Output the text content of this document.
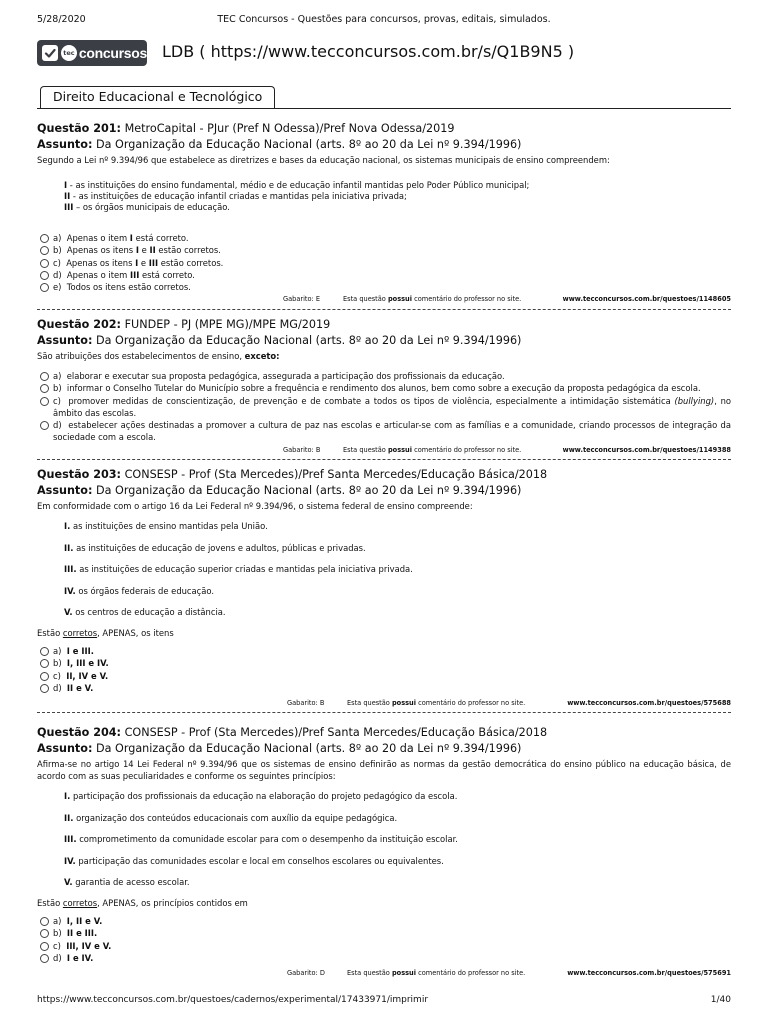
5/28/2020	TEC Concursos - Questões para concursos, provas, editais, simulados.
tec concursos LDB ( https://www.tecconcursos.com.br/s/Q1B9N5 )
Direito Educacional e Tecnológico
Questão 201: MetroCapital - PJur (Pref N Odessa)/Pref Nova Odessa/2019
Assunto: Da Organização da Educação Nacional (arts. 8º ao 20 da Lei nº 9.394/1996)
Segundo a Lei nº 9.394/96 que estabelece as diretrizes e bases da educação nacional, os sistemas municipais de ensino compreendem:
I - as instituições do ensino fundamental, médio e de educação infantil mantidas pelo Poder Público municipal;
II - as instituições de educação infantil criadas e mantidas pela iniciativa privada;
III – os órgãos municipais de educação.
a) Apenas o item I está correto.
b) Apenas os itens I e II estão corretos.
c) Apenas os itens I e III estão corretos.
d) Apenas o item III está correto.
e) Todos os itens estão corretos.
Gabarito: E	Esta questão possui comentário do professor no site.	www.tecconcursos.com.br/questoes/1148605
Questão 202: FUNDEP - PJ (MPE MG)/MPE MG/2019
Assunto: Da Organização da Educação Nacional (arts. 8º ao 20 da Lei nº 9.394/1996)
São atribuições dos estabelecimentos de ensino, exceto:
a) elaborar e executar sua proposta pedagógica, assegurada a participação dos profissionais da educação.
b) informar o Conselho Tutelar do Município sobre a frequência e rendimento dos alunos, bem como sobre a execução da proposta pedagógica da escola.
c) promover medidas de conscientização, de prevenção e de combate a todos os tipos de violência, especialmente a intimidação sistemática (bullying), no âmbito das escolas.
d) estabelecer ações destinadas a promover a cultura de paz nas escolas e articular-se com as famílias e a comunidade, criando processos de integração da sociedade com a escola.
Gabarito: B	Esta questão possui comentário do professor no site.	www.tecconcursos.com.br/questoes/1149388
Questão 203: CONSESP - Prof (Sta Mercedes)/Pref Santa Mercedes/Educação Básica/2018
Assunto: Da Organização da Educação Nacional (arts. 8º ao 20 da Lei nº 9.394/1996)
Em conformidade com o artigo 16 da Lei Federal nº 9.394/96, o sistema federal de ensino compreende:
I. as instituições de ensino mantidas pela União.
II. as instituições de educação de jovens e adultos, públicas e privadas.
III. as instituições de educação superior criadas e mantidas pela iniciativa privada.
IV. os órgãos federais de educação.
V. os centros de educação a distância.
Estão corretos, APENAS, os itens
a) I e III.
b) I, III e IV.
c) II, IV e V.
d) II e V.
Gabarito: B	Esta questão possui comentário do professor no site.	www.tecconcursos.com.br/questoes/575688
Questão 204: CONSESP - Prof (Sta Mercedes)/Pref Santa Mercedes/Educação Básica/2018
Assunto: Da Organização da Educação Nacional (arts. 8º ao 20 da Lei nº 9.394/1996)
Afirma-se no artigo 14 Lei Federal nº 9.394/96 que os sistemas de ensino definirão as normas da gestão democrática do ensino público na educação básica, de acordo com as suas peculiaridades e conforme os seguintes princípios:
I. participação dos profissionais da educação na elaboração do projeto pedagógico da escola.
II. organização dos conteúdos educacionais com auxílio da equipe pedagógica.
III. comprometimento da comunidade escolar para com o desempenho da instituição escolar.
IV. participação das comunidades escolar e local em conselhos escolares ou equivalentes.
V. garantia de acesso escolar.
Estão corretos, APENAS, os princípios contidos em
a) I, II e V.
b) II e III.
c) III, IV e V.
d) I e IV.
Gabarito: D	Esta questão possui comentário do professor no site.	www.tecconcursos.com.br/questoes/575691
https://www.tecconcursos.com.br/questoes/cadernos/experimental/17433971/imprimir	1/40
